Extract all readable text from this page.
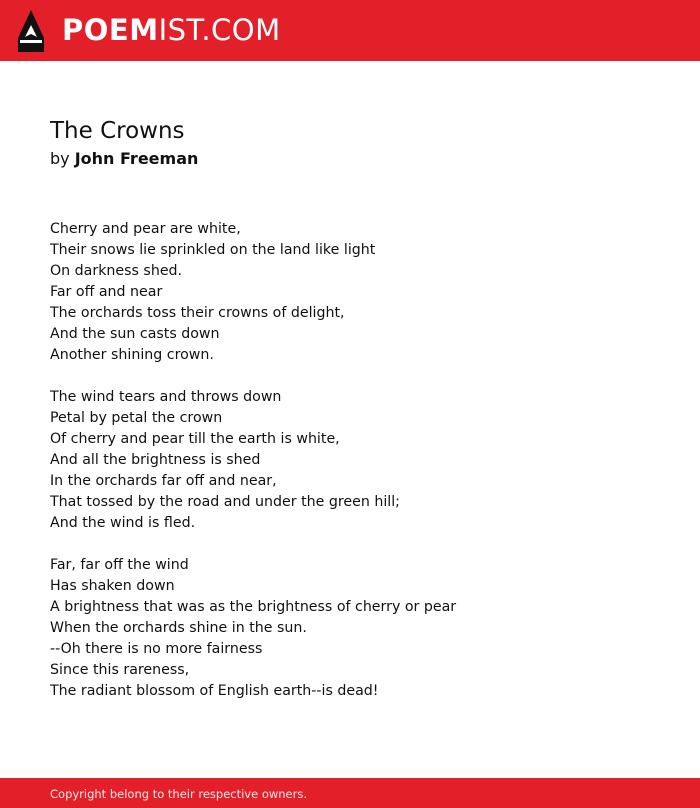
POEMIST.COM
The Crowns
by John Freeman
Cherry and pear are white,
Their snows lie sprinkled on the land like light
On darkness shed.
Far off and near
The orchards toss their crowns of delight,
And the sun casts down
Another shining crown.
The wind tears and throws down
Petal by petal the crown
Of cherry and pear till the earth is white,
And all the brightness is shed
In the orchards far off and near,
That tossed by the road and under the green hill;
And the wind is fled.
Far, far off the wind
Has shaken down
A brightness that was as the brightness of cherry or pear
When the orchards shine in the sun.
--Oh there is no more fairness
Since this rareness,
The radiant blossom of English earth--is dead!
Copyright belong to their respective owners.
